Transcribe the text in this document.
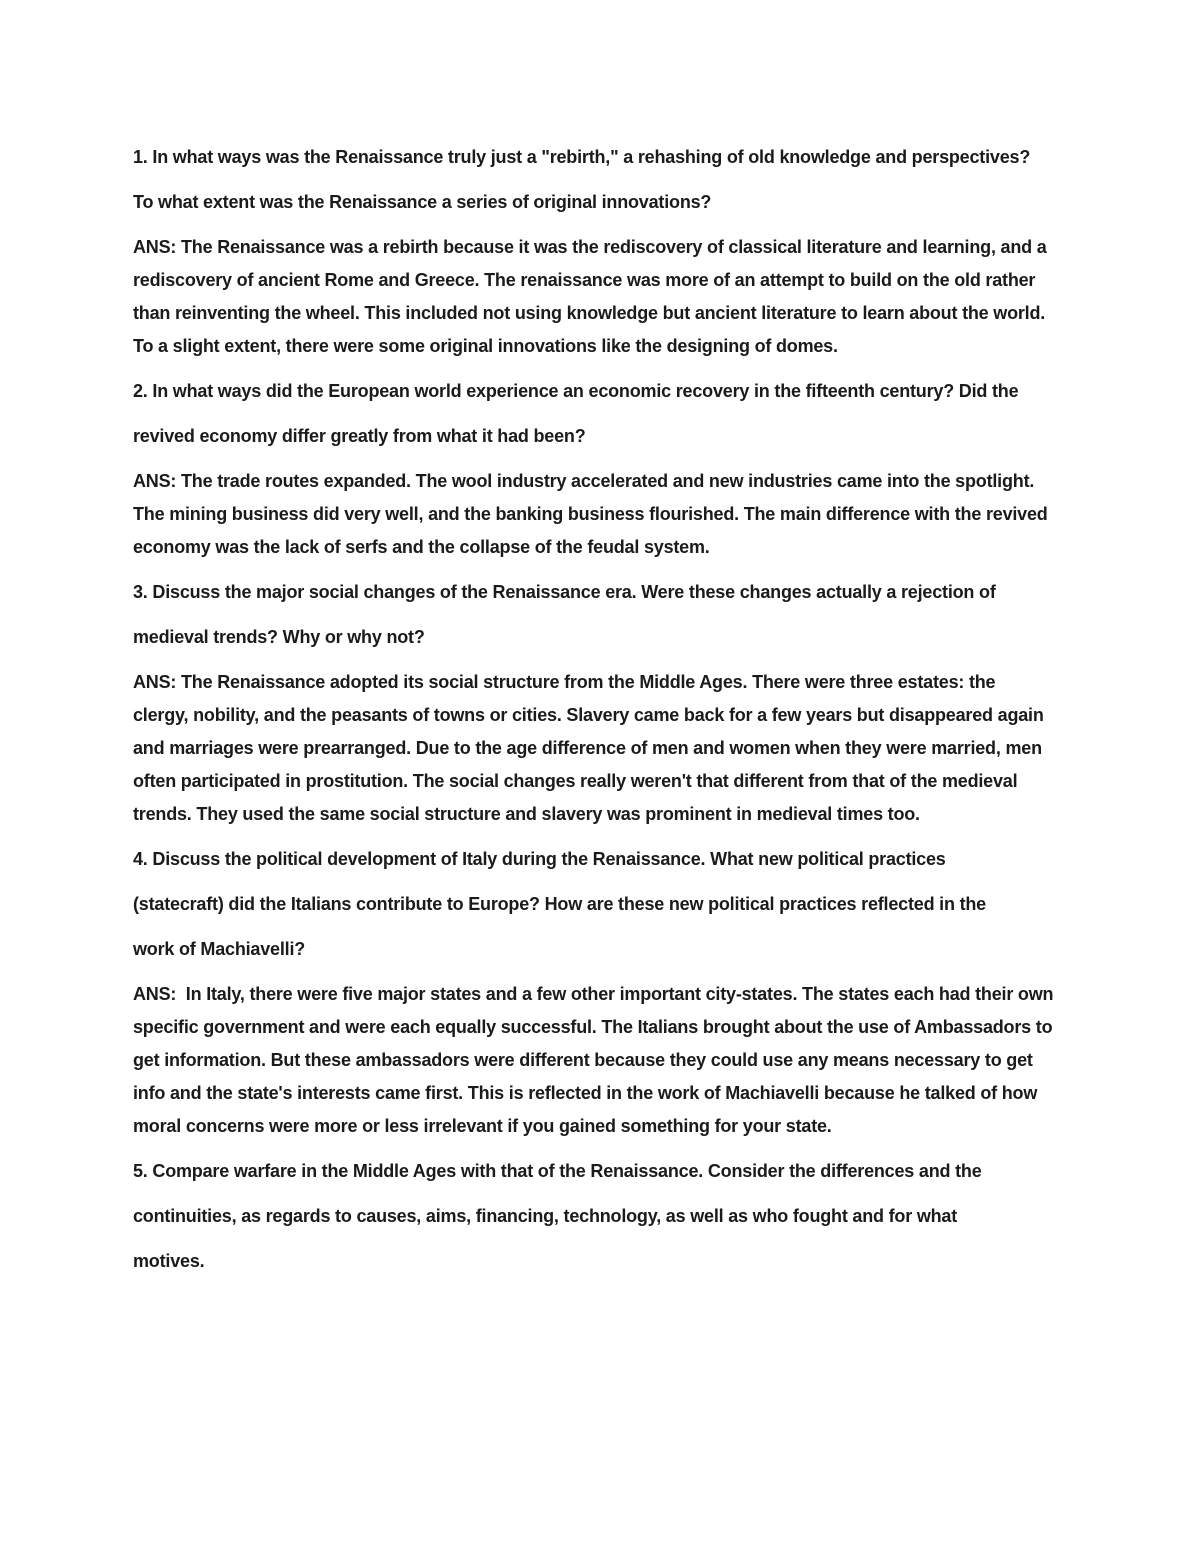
1. In what ways was the Renaissance truly just a "rebirth," a rehashing of old knowledge and perspectives?

To what extent was the Renaissance a series of original innovations?

ANS: The Renaissance was a rebirth because it was the rediscovery of classical literature and learning, and a rediscovery of ancient Rome and Greece. The renaissance was more of an attempt to build on the old rather than reinventing the wheel. This included not using knowledge but ancient literature to learn about the world. To a slight extent, there were some original innovations like the designing of domes.

2. In what ways did the European world experience an economic recovery in the fifteenth century? Did the

revived economy differ greatly from what it had been?

ANS: The trade routes expanded. The wool industry accelerated and new industries came into the spotlight. The mining business did very well, and the banking business flourished. The main difference with the revived economy was the lack of serfs and the collapse of the feudal system.

3. Discuss the major social changes of the Renaissance era. Were these changes actually a rejection of

medieval trends? Why or why not?

ANS: The Renaissance adopted its social structure from the Middle Ages. There were three estates: the clergy, nobility, and the peasants of towns or cities. Slavery came back for a few years but disappeared again and marriages were prearranged. Due to the age difference of men and women when they were married, men often participated in prostitution. The social changes really weren't that different from that of the medieval trends. They used the same social structure and slavery was prominent in medieval times too.

4. Discuss the political development of Italy during the Renaissance. What new political practices

(statecraft) did the Italians contribute to Europe? How are these new political practices reflected in the

work of Machiavelli?

ANS:  In Italy, there were five major states and a few other important city-states. The states each had their own specific government and were each equally successful. The Italians brought about the use of Ambassadors to get information. But these ambassadors were different because they could use any means necessary to get info and the state's interests came first. This is reflected in the work of Machiavelli because he talked of how moral concerns were more or less irrelevant if you gained something for your state.

5. Compare warfare in the Middle Ages with that of the Renaissance. Consider the differences and the

continuities, as regards to causes, aims, financing, technology, as well as who fought and for what

motives.
